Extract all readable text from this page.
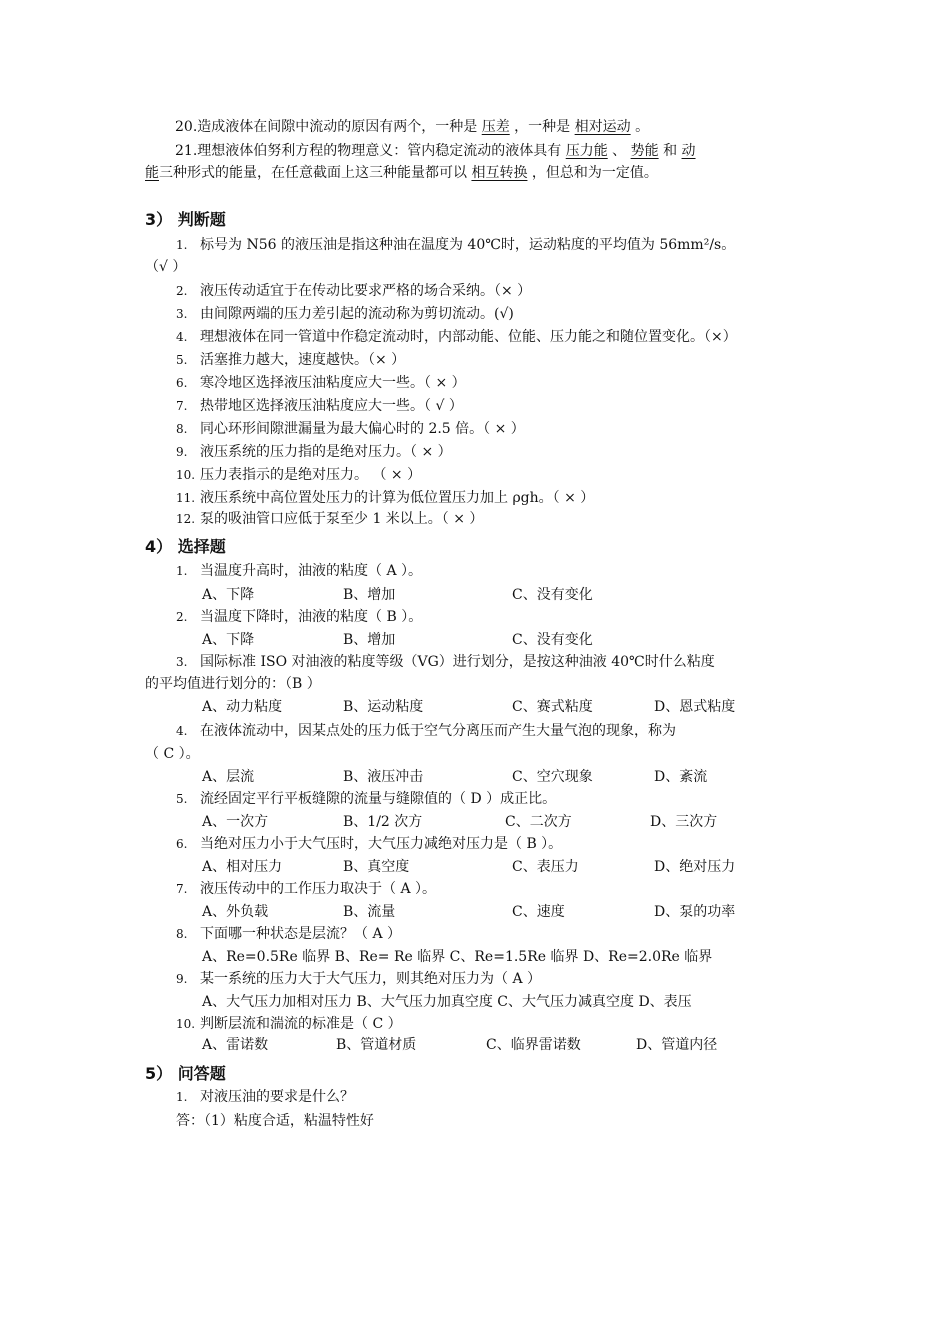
20.造成液体在间隙中流动的原因有两个，一种是 压差 ，一种是 相对运动 。
21.理想液体伯努利方程的物理意义：管内稳定流动的液体具有 压力能 、 势能 和 动
能三种形式的能量，在任意截面上这三种能量都可以 相互转换 ，但总和为一定值。
3） 判断题
1. 标号为 N56 的液压油是指这种油在温度为 40℃时，运动粘度的平均值为 56mm²/s。
（√ ）
2. 液压传动适宜于在传动比要求严格的场合采纳。（× ）
3. 由间隙两端的压力差引起的流动称为剪切流动。(√)
4. 理想液体在同一管道中作稳定流动时，内部动能、位能、压力能之和随位置变化。（×）
5. 活塞推力越大，速度越快。（× ）
6. 寒冷地区选择液压油粘度应大一些。（ × ）
7. 热带地区选择液压油粘度应大一些。（ √ ）
8. 同心环形间隙泄漏量为最大偏心时的 2.5 倍。（ × ）
9. 液压系统的压力指的是绝对压力。（ × ）
10. 压力表指示的是绝对压力。 （ × ）
11. 液压系统中高位置处压力的计算为低位置压力加上 ρgh。（ × ）
12. 泵的吸油管口应低于泵至少 1 米以上。（ × ）
4） 选择题
1. 当温度升高时，油液的粘度（ A ）。
A、下降	B、增加	C、没有变化
2. 当温度下降时，油液的粘度（ B ）。
A、下降	B、增加	C、没有变化
3. 国际标准 ISO 对油液的粘度等级（VG）进行划分，是按这种油液 40℃时什么粘度
的平均值进行划分的：（B ）
A、动力粘度	B、运动粘度	C、赛式粘度	D、恩式粘度
4. 在液体流动中，因某点处的压力低于空气分离压而产生大量气泡的现象，称为
（ C ）。
A、层流	B、液压冲击	C、空穴现象	D、紊流
5. 流经固定平行平板缝隙的流量与缝隙值的（ D ）成正比。
A、一次方	B、1/2 次方	C、二次方	D、三次方
6. 当绝对压力小于大气压时，大气压力减绝对压力是（ B ）。
A、相对压力	B、真空度	C、表压力	D、绝对压力
7. 液压传动中的工作压力取决于（ A ）。
A、外负载	B、流量	C、速度	D、泵的功率
8. 下面哪一种状态是层流？（ A ）
A、Re=0.5Re 临界 B、Re= Re 临界 C、Re=1.5Re 临界 D、Re=2.0Re 临界
9. 某一系统的压力大于大气压力，则其绝对压力为（ A ）
A、大气压力加相对压力 B、大气压力加真空度 C、大气压力减真空度 D、表压
10. 判断层流和湍流的标准是（ C ）
A、雷诺数	B、管道材质	C、临界雷诺数	D、管道内径
5） 问答题
1. 对液压油的要求是什么？
答：（1）粘度合适，粘温特性好
